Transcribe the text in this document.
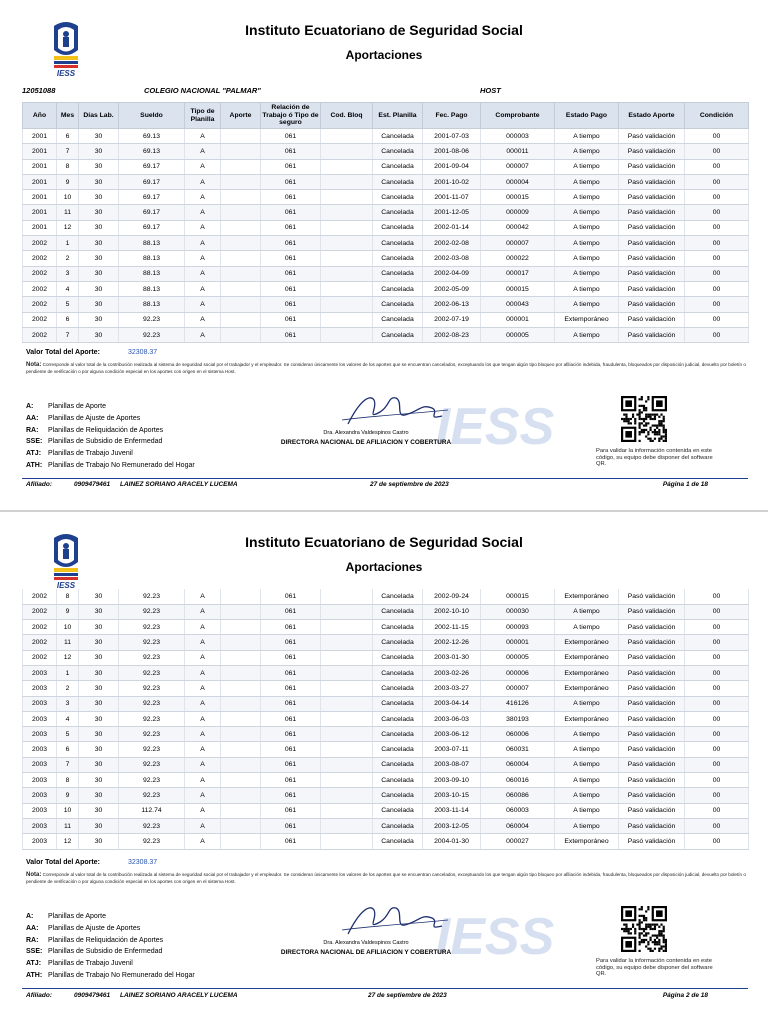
IESS
Instituto Ecuatoriano de Seguridad Social
Aportaciones
12051088	COLEGIO NACIONAL "PALMAR"	HOST
Año	Mes	Días Lab.	Sueldo	Tipo de Planilla	Aporte	Relación de Trabajo ó Tipo de seguro	Cod. Bloq	Est. Planilla	Fec. Pago	Comprobante	Estado Pago	Estado Aporte	Condición
2001	6	30	69.13	A		061		Cancelada	2001-07-03	000003	A tiempo	Pasó validación	00
2001	7	30	69.13	A		061		Cancelada	2001-08-06	000011	A tiempo	Pasó validación	00
2001	8	30	69.17	A		061		Cancelada	2001-09-04	000007	A tiempo	Pasó validación	00
2001	9	30	69.17	A		061		Cancelada	2001-10-02	000004	A tiempo	Pasó validación	00
2001	10	30	69.17	A		061		Cancelada	2001-11-07	000015	A tiempo	Pasó validación	00
2001	11	30	69.17	A		061		Cancelada	2001-12-05	000009	A tiempo	Pasó validación	00
2001	12	30	69.17	A		061		Cancelada	2002-01-14	000042	A tiempo	Pasó validación	00
2002	1	30	88.13	A		061		Cancelada	2002-02-08	000007	A tiempo	Pasó validación	00
2002	2	30	88.13	A		061		Cancelada	2002-03-08	000022	A tiempo	Pasó validación	00
2002	3	30	88.13	A		061		Cancelada	2002-04-09	000017	A tiempo	Pasó validación	00
2002	4	30	88.13	A		061		Cancelada	2002-05-09	000015	A tiempo	Pasó validación	00
2002	5	30	88.13	A		061		Cancelada	2002-06-13	000043	A tiempo	Pasó validación	00
2002	6	30	92.23	A		061		Cancelada	2002-07-19	000001	Extemporáneo	Pasó validación	00
2002	7	30	92.23	A		061		Cancelada	2002-08-23	000005	A tiempo	Pasó validación	00
Valor Total del Aporte:	32308.37
Nota: Corresponde al valor total de la contribución realizada al sistema de seguridad social por el trabajador y el empleador. Se consideran únicamente los valores de los aportes que se encuentran cancelados, exceptuando los que tengan algún tipo bloqueo por afiliación indebida, fraudulenta, bloqueados por disposición judicial, devuelto por boletín o pendiente de verificación o por alguna condición especial en los aportes con origen en el sistema Host.
A:	Planillas de Aporte
AA:	Planillas de Ajuste de Aportes
RA:	Planillas de Reliquidación de Aportes
SSE: Planillas de Subsidio de Enfermedad
ATJ: Planillas de Trabajo Juvenil
ATH: Planillas de Trabajo No Remunerado del Hogar
IESS
Dra. Alexandra Valdespinos Castro
DIRECTORA NACIONAL DE AFILIACION Y COBERTURA
Para validar la información contenida en este código, su equipo debe disponer del software QR.
Afiliado:	0909479461 LAINEZ SORIANO ARACELY LUCEMA	27 de septiembre de 2023	Página 1 de 18
IESS
Instituto Ecuatoriano de Seguridad Social
Aportaciones
2002	8	30	92.23	A		061		Cancelada	2002-09-24	000015	Extemporáneo	Pasó validación	00
2002	9	30	92.23	A		061		Cancelada	2002-10-10	000030	A tiempo	Pasó validación	00
2002	10	30	92.23	A		061		Cancelada	2002-11-15	000093	A tiempo	Pasó validación	00
2002	11	30	92.23	A		061		Cancelada	2002-12-26	000001	Extemporáneo	Pasó validación	00
2002	12	30	92.23	A		061		Cancelada	2003-01-30	000005	Extemporáneo	Pasó validación	00
2003	1	30	92.23	A		061		Cancelada	2003-02-26	000006	Extemporáneo	Pasó validación	00
2003	2	30	92.23	A		061		Cancelada	2003-03-27	000007	Extemporáneo	Pasó validación	00
2003	3	30	92.23	A		061		Cancelada	2003-04-14	416126	A tiempo	Pasó validación	00
2003	4	30	92.23	A		061		Cancelada	2003-06-03	380193	Extemporáneo	Pasó validación	00
2003	5	30	92.23	A		061		Cancelada	2003-06-12	060006	A tiempo	Pasó validación	00
2003	6	30	92.23	A		061		Cancelada	2003-07-11	060031	A tiempo	Pasó validación	00
2003	7	30	92.23	A		061		Cancelada	2003-08-07	060004	A tiempo	Pasó validación	00
2003	8	30	92.23	A		061		Cancelada	2003-09-10	060016	A tiempo	Pasó validación	00
2003	9	30	92.23	A		061		Cancelada	2003-10-15	060086	A tiempo	Pasó validación	00
2003	10	30	112.74	A		061		Cancelada	2003-11-14	060003	A tiempo	Pasó validación	00
2003	11	30	92.23	A		061		Cancelada	2003-12-05	060004	A tiempo	Pasó validación	00
2003	12	30	92.23	A		061		Cancelada	2004-01-30	000027	Extemporáneo	Pasó validación	00
Valor Total del Aporte:	32308.37
Nota: Corresponde al valor total de la contribución realizada al sistema de seguridad social por el trabajador y el empleador. Se consideran únicamente los valores de los aportes que se encuentran cancelados, exceptuando los que tengan algún tipo bloqueo por afiliación indebida, fraudulenta, bloqueados por disposición judicial, devuelto por boletín o pendiente de verificación o por alguna condición especial en los aportes con origen en el sistema Host.
A:	Planillas de Aporte
AA:	Planillas de Ajuste de Aportes
RA:	Planillas de Reliquidación de Aportes
SSE: Planillas de Subsidio de Enfermedad
ATJ: Planillas de Trabajo Juvenil
ATH: Planillas de Trabajo No Remunerado del Hogar
IESS
Dra. Alexandra Valdespinos Castro
DIRECTORA NACIONAL DE AFILIACION Y COBERTURA
Para validar la información contenida en este código, su equipo debe disponer del software QR.
Afiliado:	0909479461 LAINEZ SORIANO ARACELY LUCEMA	27 de septiembre de 2023	Página 2 de 18
